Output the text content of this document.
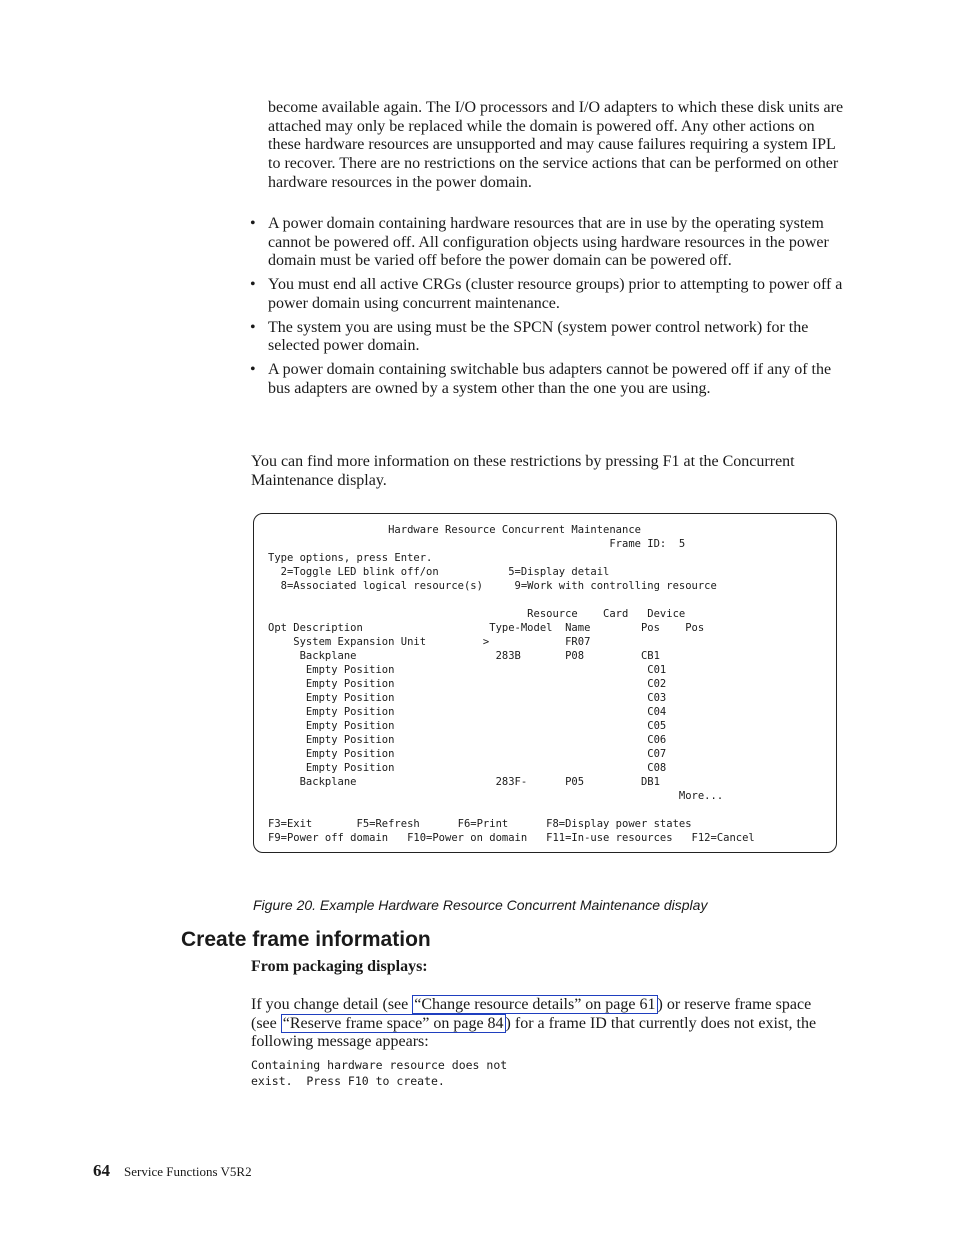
become available again. The I/O processors and I/O adapters to which these disk units are attached may only be replaced while the domain is powered off. Any other actions on these hardware resources are unsupported and may cause failures requiring a system IPL to recover. There are no restrictions on the service actions that can be performed on other hardware resources in the power domain.
• A power domain containing hardware resources that are in use by the operating system cannot be powered off. All configuration objects using hardware resources in the power domain must be varied off before the power domain can be powered off.
• You must end all active CRGs (cluster resource groups) prior to attempting to power off a power domain using concurrent maintenance.
• The system you are using must be the SPCN (system power control network) for the selected power domain.
• A power domain containing switchable bus adapters cannot be powered off if any of the bus adapters are owned by a system other than the one you are using.
You can find more information on these restrictions by pressing F1 at the Concurrent Maintenance display.
Hardware Resource Concurrent Maintenance
Frame ID:  5
Type options, press Enter.
2=Toggle LED blink off/on           5=Display detail
8=Associated logical resource(s)     9=Work with controlling resource

Resource    Card   Device
Opt Description                    Type-Model  Name        Pos    Pos
System Expansion Unit         >            FR07
Backplane                      283B       P08         CB1
Empty Position                                        C01
Empty Position                                        C02
Empty Position                                        C03
Empty Position                                        C04
Empty Position                                        C05
Empty Position                                        C06
Empty Position                                        C07
Empty Position                                        C08
Backplane                      283F-      P05         DB1
More...

F3=Exit       F5=Refresh      F6=Print      F8=Display power states
F9=Power off domain   F10=Power on domain   F11=In-use resources   F12=Cancel
Figure 20. Example Hardware Resource Concurrent Maintenance display
Create frame information
From packaging displays:
If you change detail (see “Change resource details” on page 61 ) or reserve frame space (see “Reserve frame space” on page 84 ) for a frame ID that currently does not exist, the following message appears:
Containing hardware resource does not
exist.  Press F10 to create.
64 Service Functions V5R2
